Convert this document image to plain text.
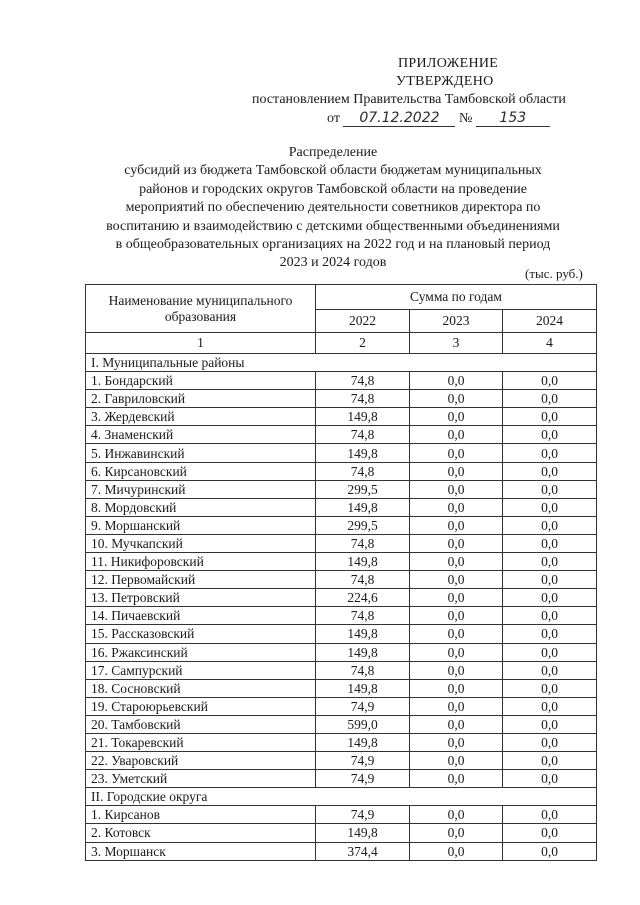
ПРИЛОЖЕНИЕ
УТВЕРЖДЕНО
постановлением Правительства Тамбовской области
от 07.12.2022 № 153
Распределение
субсидий из бюджета Тамбовской области бюджетам муниципальных
районов и городских округов Тамбовской области на проведение
мероприятий по обеспечению деятельности советников директора по
воспитанию и взаимодействию с детскими общественными объединениями
в общеобразовательных организациях на 2022 год и на плановый период
2023 и 2024 годов
(тыс. руб.)
Наименование муниципального образования	Сумма по годам		
	2022	2023	2024
1	2	3	4
I. Муниципальные районы			
1. Бондарский	74,8	0,0	0,0
2. Гавриловский	74,8	0,0	0,0
3. Жердевский	149,8	0,0	0,0
4. Знаменский	74,8	0,0	0,0
5. Инжавинский	149,8	0,0	0,0
6. Кирсановский	74,8	0,0	0,0
7. Мичуринский	299,5	0,0	0,0
8. Мордовский	149,8	0,0	0,0
9. Моршанский	299,5	0,0	0,0
10. Мучкапский	74,8	0,0	0,0
11. Никифоровский	149,8	0,0	0,0
12. Первомайский	74,8	0,0	0,0
13. Петровский	224,6	0,0	0,0
14. Пичаевский	74,8	0,0	0,0
15. Рассказовский	149,8	0,0	0,0
16. Ржаксинский	149,8	0,0	0,0
17. Сампурский	74,8	0,0	0,0
18. Сосновский	149,8	0,0	0,0
19. Староюрьевский	74,9	0,0	0,0
20. Тамбовский	599,0	0,0	0,0
21. Токаревский	149,8	0,0	0,0
22. Уваровский	74,9	0,0	0,0
23. Уметский	74,9	0,0	0,0
II. Городские округа			
1. Кирсанов	74,9	0,0	0,0
2. Котовск	149,8	0,0	0,0
3. Моршанск	374,4	0,0	0,0
